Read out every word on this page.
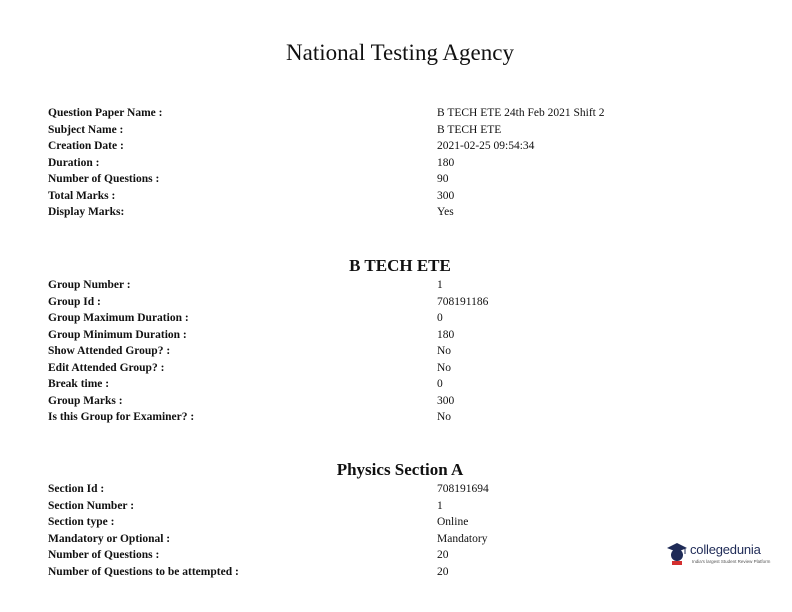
National Testing Agency
Question Paper Name :	B TECH ETE 24th Feb 2021 Shift 2
Subject Name :	B TECH ETE
Creation Date :	2021-02-25 09:54:34
Duration :	180
Number of Questions :	90
Total Marks :	300
Display Marks:	Yes
B TECH ETE
Group Number :	1
Group Id :	708191186
Group Maximum Duration :	0
Group Minimum Duration :	180
Show Attended Group? :	No
Edit Attended Group? :	No
Break time :	0
Group Marks :	300
Is this Group for Examiner? :	No
Physics Section A
Section Id :	708191694
Section Number :	1
Section type :	Online
Mandatory or Optional :	Mandatory
Number of Questions :	20
Number of Questions to be attempted :	20
collegedunia
India's largest Student Review Platform
